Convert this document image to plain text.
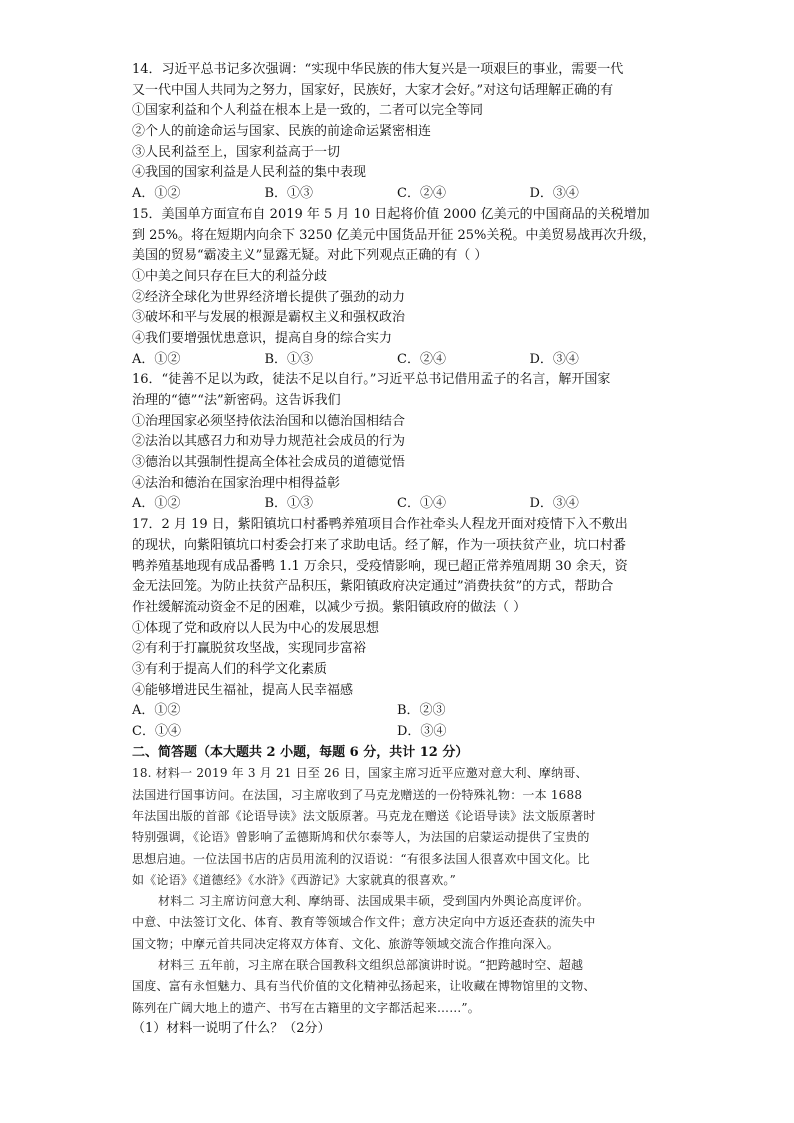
14．习近平总书记多次强调：“实现中华民族的伟大复兴是一项艰巨的事业，需要一代
又一代中国人共同为之努力，国家好，民族好，大家才会好。”对这句话理解正确的有
①国家利益和个人利益在根本上是一致的，二者可以完全等同
②个人的前途命运与国家、民族的前途命运紧密相连
③人民利益至上，国家利益高于一切
④我国的国家利益是人民利益的集中表现
A．①②	B．①③	C．②④	D．③④
15．美国单方面宣布自 2019 年 5 月 10 日起将价值 2000 亿美元的中国商品的关税增加
到 25%。将在短期内向余下 3250 亿美元中国货品开征 25%关税。中美贸易战再次升级，
美国的贸易“霸凌主义”显露无疑。对此下列观点正确的有（ ）
①中美之间只存在巨大的利益分歧
②经济全球化为世界经济增长提供了强劲的动力
③破坏和平与发展的根源是霸权主义和强权政治
④我们要增强忧患意识，提高自身的综合实力
A．①②	B．①③	C．②④	D．③④
16．“徒善不足以为政，徒法不足以自行。”习近平总书记借用孟子的名言，解开国家
治理的“德”“法”新密码。这告诉我们
①治理国家必须坚持依法治国和以德治国相结合
②法治以其感召力和劝导力规范社会成员的行为
③德治以其强制性提高全体社会成员的道德觉悟
④法治和德治在国家治理中相得益彰
A．①②	B．①③	C．①④	D．③④
17．2 月 19 日，紫阳镇坑口村番鸭养殖项目合作社牵头人程龙开面对疫情下入不敷出
的现状，向紫阳镇坑口村委会打来了求助电话。经了解，作为一项扶贫产业，坑口村番
鸭养殖基地现有成品番鸭 1.1 万余只，受疫情影响，现已超正常养殖周期 30 余天，资
金无法回笼。为防止扶贫产品积压，紫阳镇政府决定通过”消费扶贫”的方式，帮助合
作社缓解流动资金不足的困难，以减少亏损。紫阳镇政府的做法（ ）
①体现了党和政府以人民为中心的发展思想
②有利于打赢脱贫攻坚战，实现同步富裕
③有利于提高人们的科学文化素质
④能够增进民生福祉，提高人民幸福感
A．①②	B．②③
C．①④	D．③④
二、简答题（本大题共 2 小题，每题 6 分，共计 12 分）
18. 材料一 2019 年 3 月 21 日至 26 日，国家主席习近平应邀对意大利、摩纳哥、
法国进行国事访问。在法国，习主席收到了马克龙赠送的一份特殊礼物：一本 1688
年法国出版的首部《论语导读》法文版原著。马克龙在赠送《论语导读》法文版原著时
特别强调，《论语》曾影响了孟德斯鸠和伏尔泰等人，为法国的启蒙运动提供了宝贵的
思想启迪。一位法国书店的店员用流利的汉语说：“有很多法国人很喜欢中国文化。比
如《论语》《道德经》《水浒》《西游记》大家就真的很喜欢。”
材料二 习主席访问意大利、摩纳哥、法国成果丰硕，受到国内外舆论高度评价。
中意、中法签订文化、体育、教育等领域合作文件；意方决定向中方返还查获的流失中
国文物；中摩元首共同决定将双方体育、文化、旅游等领域交流合作推向深入。
材料三 五年前，习主席在联合国教科文组织总部演讲时说。“把跨越时空、超越
国度、富有永恒魅力、具有当代价值的文化精神弘扬起来，让收藏在博物馆里的文物、
陈列在广阔大地上的遗产、书写在古籍里的文字都活起来……”。
（1）材料一说明了什么？（2分）
